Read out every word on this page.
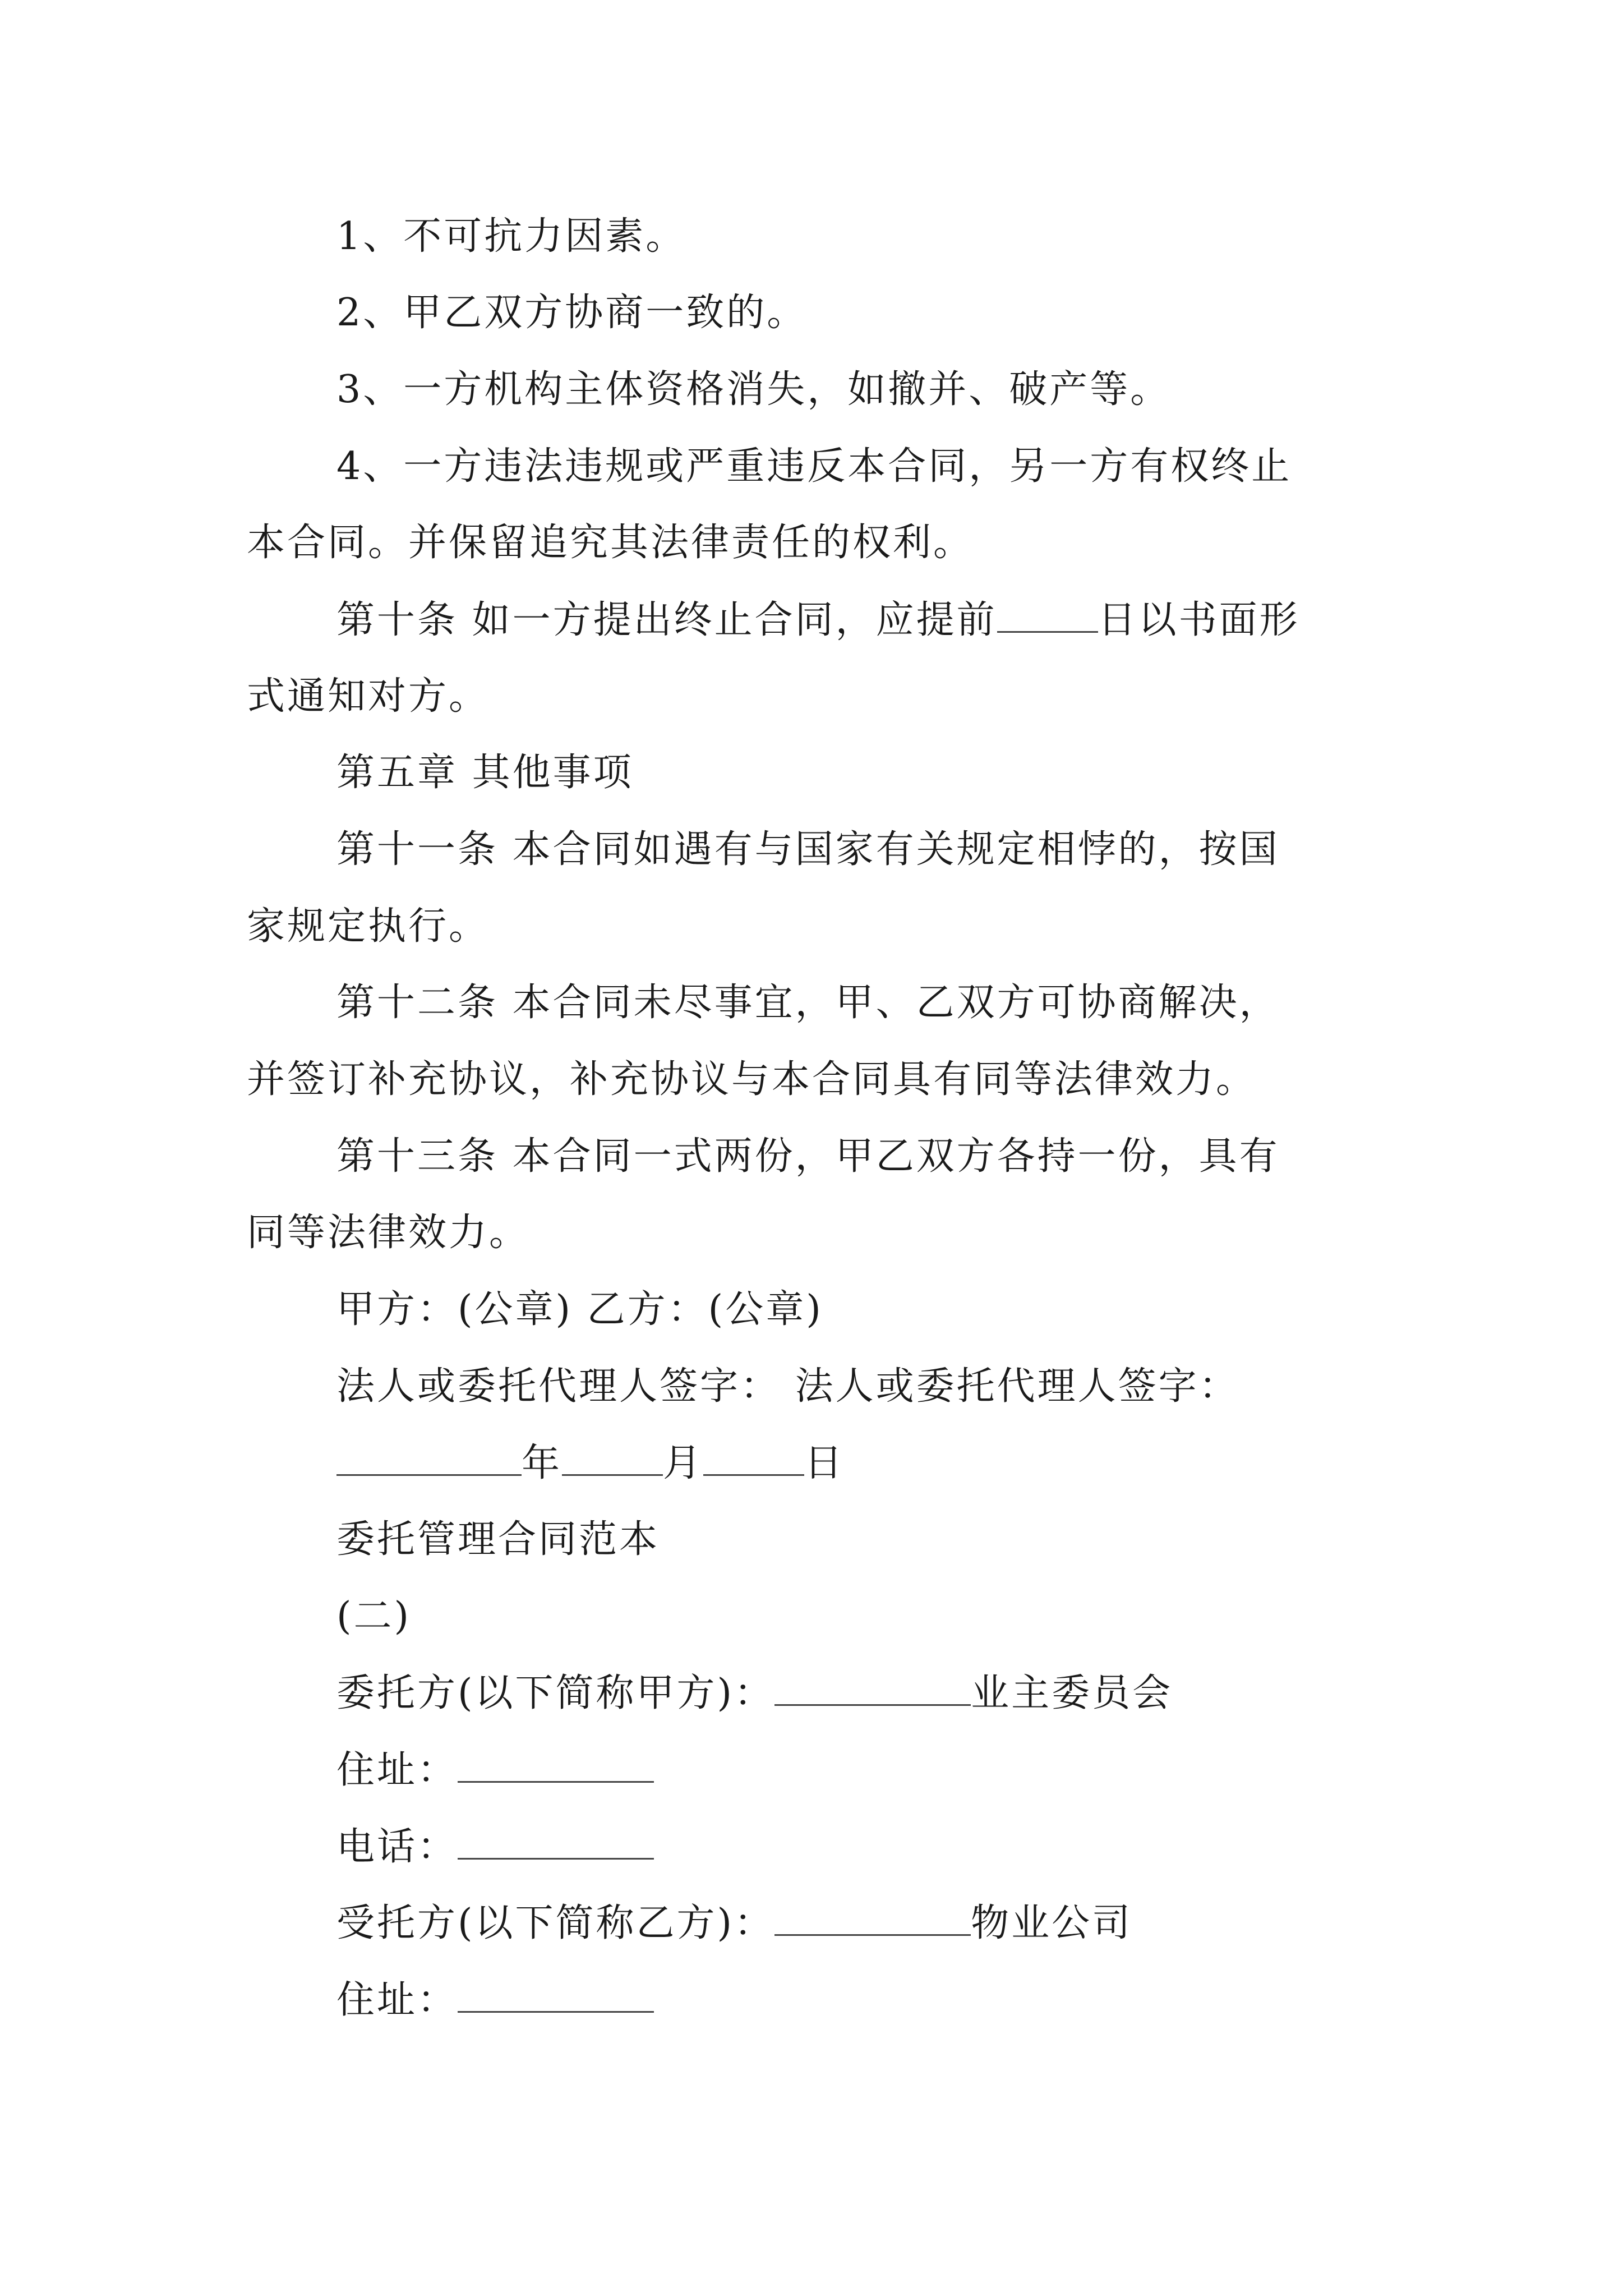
1、不可抗力因素。
2、甲乙双方协商一致的。
3、一方机构主体资格消失，如撤并、破产等。
4、一方违法违规或严重违反本合同，另一方有权终止
本合同。并保留追究其法律责任的权利。
第十条 如一方提出终止合同，应提前	日以书面形
式通知对方。
第五章 其他事项
第十一条 本合同如遇有与国家有关规定相悖的，按国
家规定执行。
第十二条 本合同未尽事宜，甲、乙双方可协商解决，
并签订补充协议，补充协议与本合同具有同等法律效力。
第十三条 本合同一式两份，甲乙双方各持一份，具有
同等法律效力。
甲方：(公章) 乙方：(公章)
法人或委托代理人签字： 法人或委托代理人签字：
年	月	日
委托管理合同范本
(二)
委托方(以下简称甲方)：	业主委员会
住址：
电话：
受托方(以下简称乙方)：	物业公司
住址：
